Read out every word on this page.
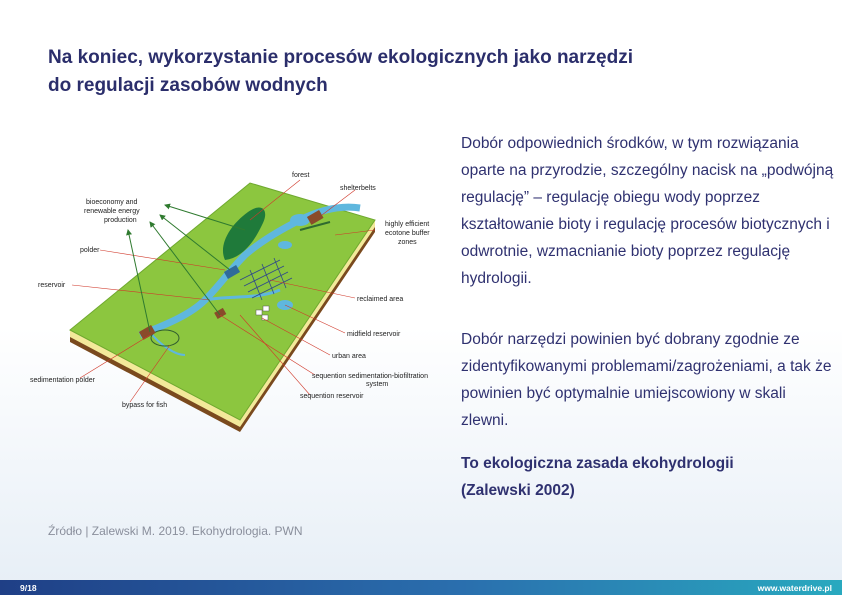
Na koniec, wykorzystanie procesów ekologicznych jako narzędzi
do regulacji zasobów wodnych
forest
shelterbelts
bioeconomy and
renewable energy
production
highly efficient
ecotone buffer
zones
polder
reservoir
reclaimed area
midfield reservoir
urban area
sequention sedimentation-biofiltration
system
sequention reservoir
sedimentation polder
bypass for fish
Dobór odpowiednich środków, w tym rozwiązania oparte na przyrodzie, szczególny nacisk na „podwójną regulację” – regulację obiegu wody poprzez kształtowanie bioty i regulację procesów biotycznych i odwrotnie, wzmacnianie bioty poprzez regulację hydrologii.
Dobór narzędzi powinien być dobrany zgodnie ze zidentyfikowanymi problemami/zagrożeniami, a tak że powinien być optymalnie umiejscowiony w skali zlewni.
To ekologiczna zasada ekohydrologii
(Zalewski 2002)
Źródło | Zalewski M. 2019. Ekohydrologia. PWN
9/18	www.waterdrive.pl
